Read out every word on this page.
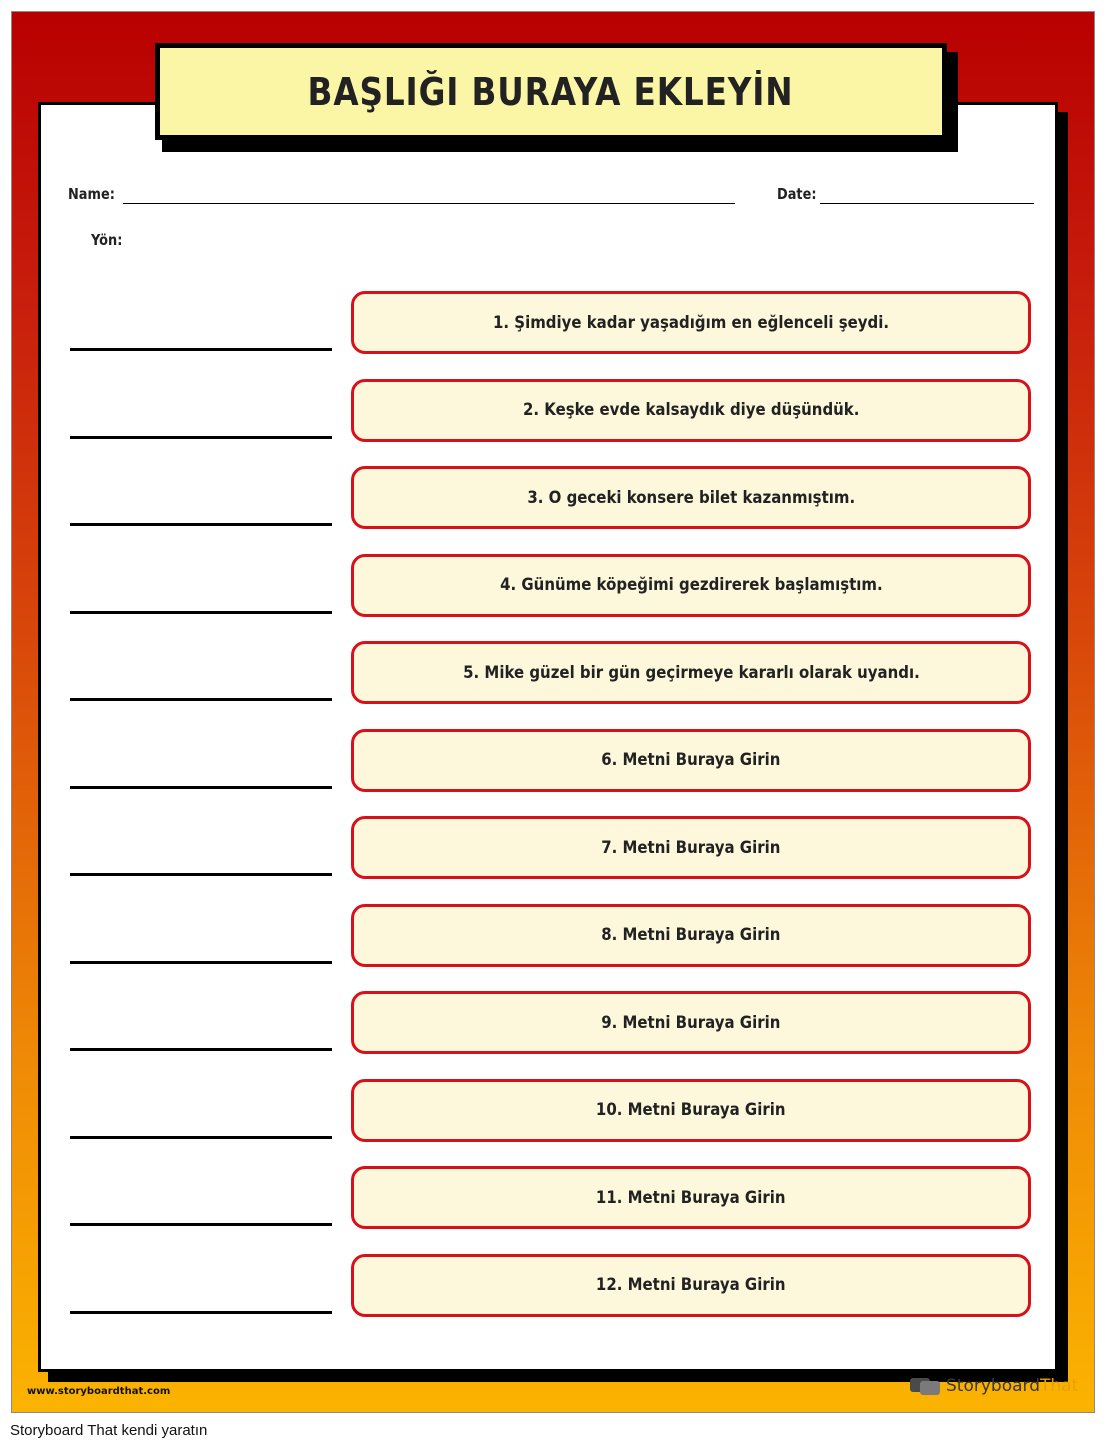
BAŞLIĞI BURAYA EKLEYİN
Name:	Date:
Yön:
1. Şimdiye kadar yaşadığım en eğlenceli şeydi.
2. Keşke evde kalsaydık diye düşündük.
3. O geceki konsere bilet kazanmıştım.
4. Günüme köpeğimi gezdirerek başlamıştım.
5. Mike güzel bir gün geçirmeye kararlı olarak uyandı.
6. Metni Buraya Girin
7. Metni Buraya Girin
8. Metni Buraya Girin
9. Metni Buraya Girin
10. Metni Buraya Girin
11. Metni Buraya Girin
12. Metni Buraya Girin
www.storyboardthat.com	StoryboardThat
Storyboard That kendi yaratın
